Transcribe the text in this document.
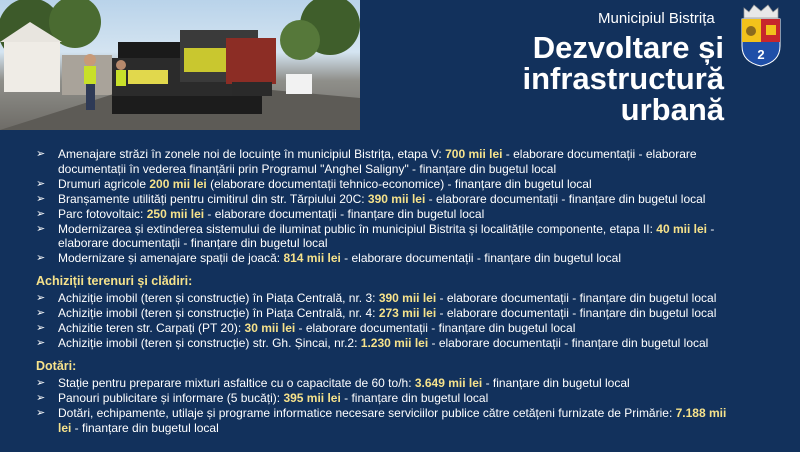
Municipiul Bistrița
Dezvoltare și
infrastructură
urbană
2
➢ Amenajare străzi în zonele noi de locuințe în municipiul Bistrița, etapa V: 700 mii lei - elaborare documentații - elaborare documentații în vederea finanțării prin Programul "Anghel Saligny" - finanțare din bugetul local
➢ Drumuri agricole 200 mii lei (elaborare documentații tehnico-economice) - finanțare din bugetul local
➢ Branșamente utilități pentru cimitirul din str. Tărpiului 20C: 390 mii lei - elaborare documentații - finanțare din bugetul local
➢ Parc fotovoltaic: 250 mii lei - elaborare documentații - finanțare din bugetul local
➢ Modernizarea și extinderea sistemului de iluminat public în municipiul Bistrita și localitățile componente, etapa II: 40 mii lei - elaborare documentații - finanțare din bugetul local
➢ Modernizare și amenajare spații de joacă: 814 mii lei - elaborare documentații - finanțare din bugetul local
Achiziții terenuri și clădiri:
➢ Achiziție imobil (teren și construcție) în Piața Centrală, nr. 3: 390 mii lei - elaborare documentații - finanțare din bugetul local
➢ Achiziție imobil (teren și construcție) în Piața Centrală, nr. 4: 273 mii lei - elaborare documentații - finanțare din bugetul local
➢ Achizitie teren str. Carpați (PT 20): 30 mii lei - elaborare documentații - finanțare din bugetul local
➢ Achiziție imobil (teren și construcție) str. Gh. Șincai, nr.2: 1.230 mii lei - elaborare documentații - finanțare din bugetul local
Dotări:
➢ Stație pentru preparare mixturi asfaltice cu o capacitate de 60 to/h: 3.649 mii lei - finanțare din bugetul local
➢ Panouri publicitare și informare (5 bucăți): 395 mii lei - finanțare din bugetul local
➢ Dotări, echipamente, utilaje și programe informatice necesare serviciilor publice către cetățeni furnizate de Primărie: 7.188 mii lei - finanțare din bugetul local
